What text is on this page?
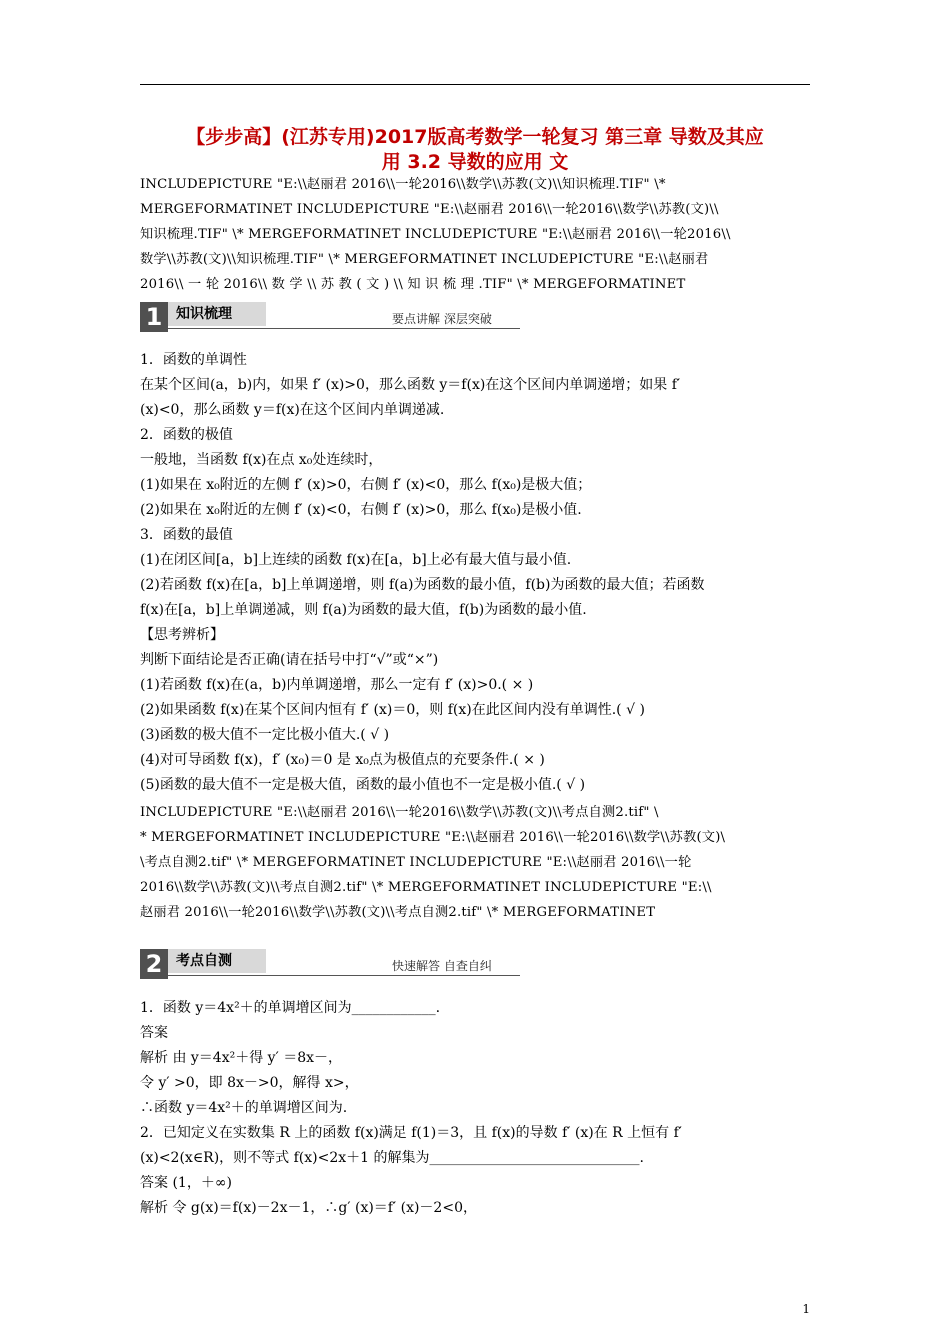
【步步高】(江苏专用)2017版高考数学一轮复习 第三章 导数及其应
用 3.2 导数的应用 文
INCLUDEPICTURE "E:\\赵丽君 2016\\一轮2016\\数学\\苏教(文)\\知识梳理.TIF" \*
MERGEFORMATINET INCLUDEPICTURE "E:\\赵丽君 2016\\一轮2016\\数学\\苏教(文)\\
知识梳理.TIF" \* MERGEFORMATINET INCLUDEPICTURE "E:\\赵丽君 2016\\一轮2016\\
数学\\苏教(文)\\知识梳理.TIF" \* MERGEFORMATINET INCLUDEPICTURE "E:\\赵丽君
2016\\ 一 轮 2016\\ 数 学 \\ 苏 教 ( 文 ) \\ 知 识 梳 理 .TIF" \* MERGEFORMATINET
1 知识梳理	要点讲解 深层突破
1．函数的单调性
在某个区间(a，b)内，如果 f′ (x)>0，那么函数 y＝f(x)在这个区间内单调递增；如果 f′
(x)<0，那么函数 y＝f(x)在这个区间内单调递减.
2．函数的极值
一般地，当函数 f(x)在点 x₀处连续时，
(1)如果在 x₀附近的左侧 f′ (x)>0，右侧 f′ (x)<0，那么 f(x₀)是极大值；
(2)如果在 x₀附近的左侧 f′ (x)<0，右侧 f′ (x)>0，那么 f(x₀)是极小值.
3．函数的最值
(1)在闭区间[a，b]上连续的函数 f(x)在[a，b]上必有最大值与最小值.
(2)若函数 f(x)在[a，b]上单调递增，则 f(a)为函数的最小值，f(b)为函数的最大值；若函数
f(x)在[a，b]上单调递减，则 f(a)为函数的最大值，f(b)为函数的最小值.
【思考辨析】
判断下面结论是否正确(请在括号中打“√”或“×”)
(1)若函数 f(x)在(a，b)内单调递增，那么一定有 f′ (x)>0.( × )
(2)如果函数 f(x)在某个区间内恒有 f′ (x)＝0，则 f(x)在此区间内没有单调性.( √ )
(3)函数的极大值不一定比极小值大.( √ )
(4)对可导函数 f(x)，f′ (x₀)＝0 是 x₀点为极值点的充要条件.( × )
(5)函数的最大值不一定是极大值，函数的最小值也不一定是极小值.( √ )
INCLUDEPICTURE "E:\\赵丽君 2016\\一轮2016\\数学\\苏教(文)\\考点自测2.tif" \
* MERGEFORMATINET INCLUDEPICTURE "E:\\赵丽君 2016\\一轮2016\\数学\\苏教(文)\
\考点自测2.tif" \* MERGEFORMATINET INCLUDEPICTURE "E:\\赵丽君 2016\\一轮
2016\\数学\\苏教(文)\\考点自测2.tif" \* MERGEFORMATINET INCLUDEPICTURE "E:\\
赵丽君 2016\\一轮2016\\数学\\苏教(文)\\考点自测2.tif" \* MERGEFORMATINET
2 考点自测	快速解答 自查自纠
1．函数 y＝4x²＋的单调增区间为____________.
答案
解析 由 y＝4x²＋得 y′ ＝8x－，
令 y′ >0，即 8x－>0，解得 x>，
∴函数 y＝4x²＋的单调增区间为.
2．已知定义在实数集 R 上的函数 f(x)满足 f(1)＝3，且 f(x)的导数 f′ (x)在 R 上恒有 f′
(x)<2(x∈R)，则不等式 f(x)<2x＋1 的解集为______________________________.
答案 (1，＋∞)
解析 令 g(x)＝f(x)－2x－1，∴g′ (x)＝f′ (x)－2<0，
1
